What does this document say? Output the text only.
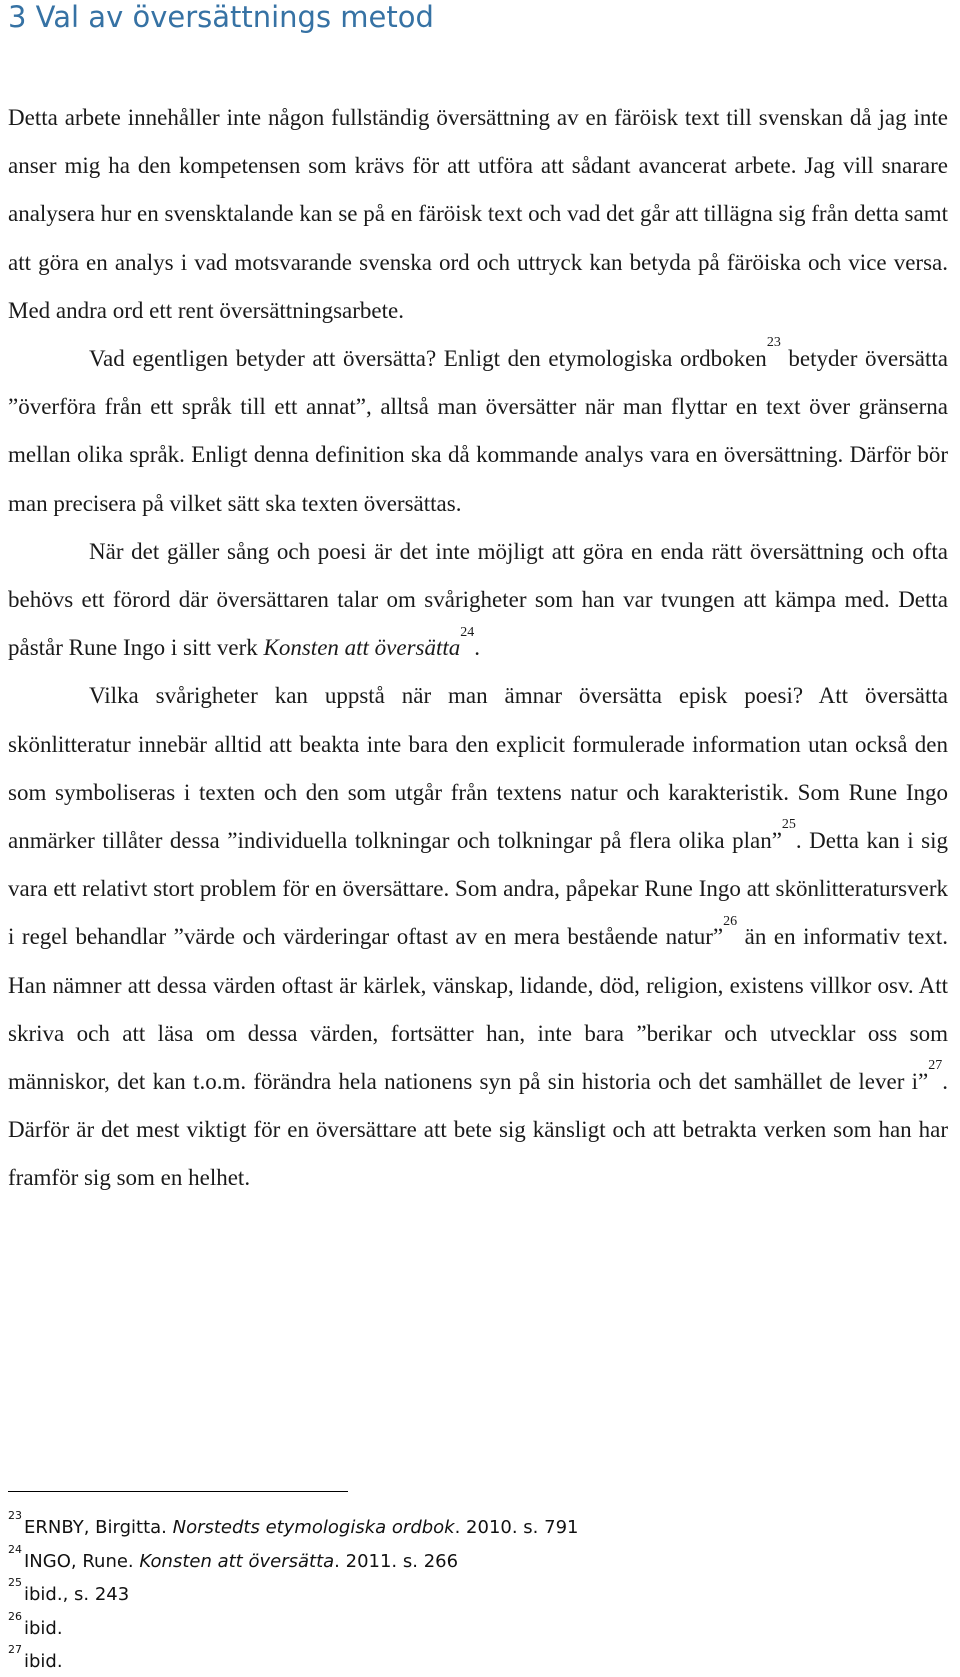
3 Val av översättnings metod

Detta arbete innehåller inte någon fullständig översättning av en färöisk text till svenskan då jag inte anser mig ha den kompetensen som krävs för att utföra att sådant avancerat arbete. Jag vill snarare analysera hur en svensktalande kan se på en färöisk text och vad det går att tillägna sig från detta samt att göra en analys i vad motsvarande svenska ord och uttryck kan betyda på färöiska och vice versa. Med andra ord ett rent översättningsarbete.

Vad egentligen betyder att översätta? Enligt den etymologiska ordboken$^{23}$ betyder översätta ”överföra från ett språk till ett annat”, alltså man översätter när man flyttar en text över gränserna mellan olika språk. Enligt denna definition ska då kommande analys vara en översättning. Därför bör man precisera på vilket sätt ska texten översättas.

När det gäller sång och poesi är det inte möjligt att göra en enda rätt översättning och ofta behövs ett förord där översättaren talar om svårigheter som han var tvungen att kämpa med. Detta påstår Rune Ingo i sitt verk Konsten att översätta$^{24}$.

Vilka svårigheter kan uppstå när man ämnar översätta episk poesi? Att översätta skönlitteratur innebär alltid att beakta inte bara den explicit formulerade information utan också den som symboliseras i texten och den som utgår från textens natur och karakteristik. Som Rune Ingo anmärker tillåter dessa ”individuella tolkningar och tolkningar på flera olika plan”$^{25}$. Detta kan i sig vara ett relativt stort problem för en översättare. Som andra, påpekar Rune Ingo att skönlitteratursverk i regel behandlar ”värde och värderingar oftast av en mera bestående natur”$^{26}$ än en informativ text. Han nämner att dessa värden oftast är kärlek, vänskap, lidande, död, religion, existens villkor osv. Att skriva och att läsa om dessa värden, fortsätter han, inte bara ”berikar och utvecklar oss som människor, det kan t.o.m. förändra hela nationens syn på sin historia och det samhället de lever i”$^{27}$. Därför är det mest viktigt för en översättare att bete sig känsligt och att betrakta verken som han har framför sig som en helhet.

$^{23}$ERNBY, Birgitta. Norstedts etymologiska ordbok. 2010. s. 791
$^{24}$INGO, Rune. Konsten att översätta. 2011. s. 266
$^{25}$ibid., s. 243
$^{26}$ibid.
$^{27}$ibid.
